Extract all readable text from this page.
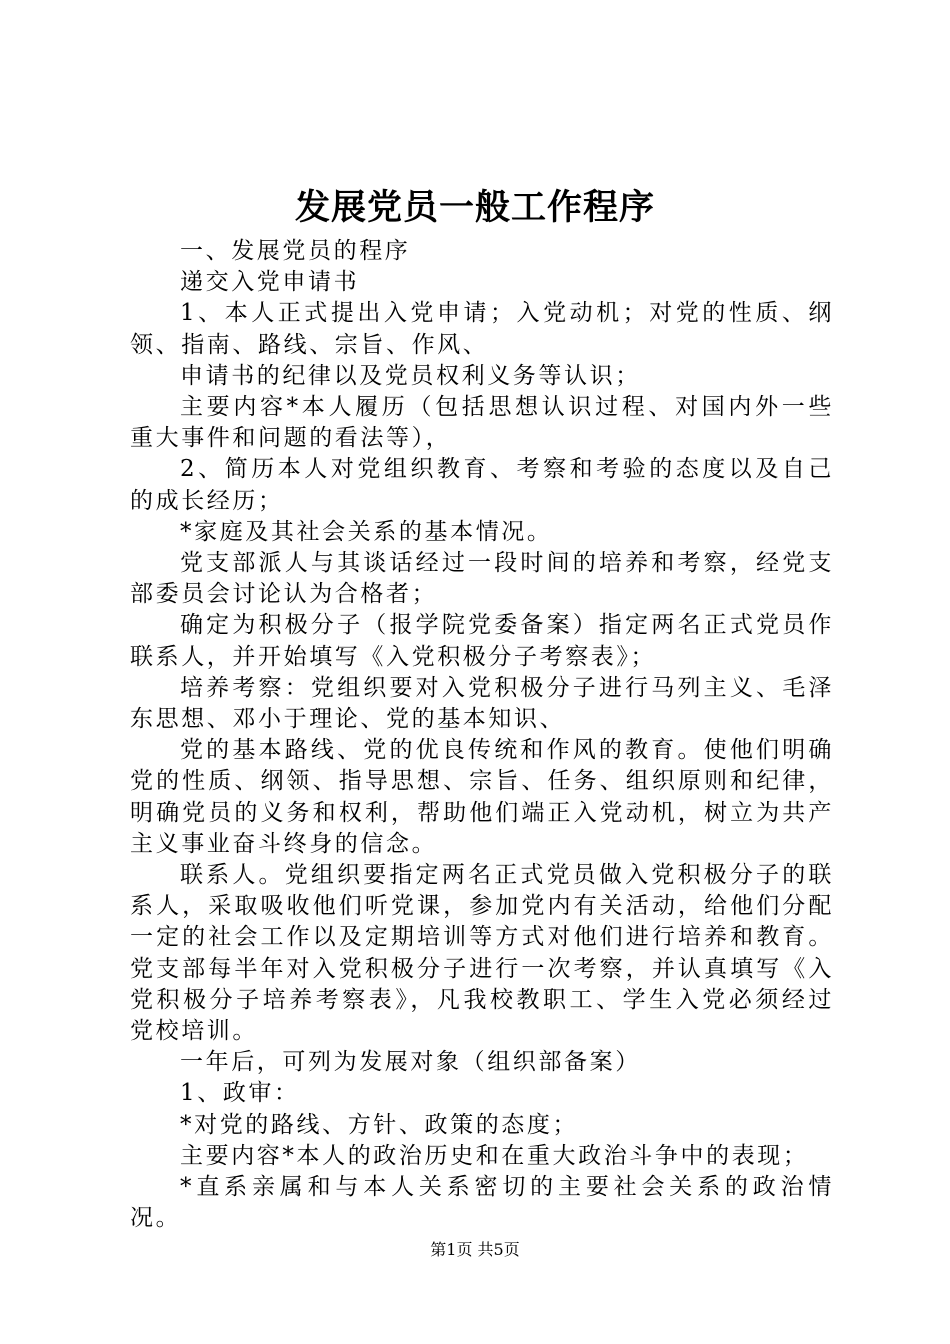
发展党员一般工作程序

一、发展党员的程序

递交入党申请书

1、本人正式提出入党申请；入党动机；对党的性质、纲领、指南、路线、宗旨、作风、

申请书的纪律以及党员权利义务等认识；

主要内容*本人履历（包括思想认识过程、对国内外一些重大事件和问题的看法等），

2、简历本人对党组织教育、考察和考验的态度以及自己的成长经历；

*家庭及其社会关系的基本情况。

党支部派人与其谈话经过一段时间的培养和考察，经党支部委员会讨论认为合格者；

确定为积极分子（报学院党委备案）指定两名正式党员作联系人，并开始填写《入党积极分子考察表》；

培养考察：党组织要对入党积极分子进行马列主义、毛泽东思想、邓小于理论、党的基本知识、

党的基本路线、党的优良传统和作风的教育。使他们明确党的性质、纲领、指导思想、宗旨、任务、组织原则和纪律，明确党员的义务和权利，帮助他们端正入党动机，树立为共产主义事业奋斗终身的信念。

联系人。党组织要指定两名正式党员做入党积极分子的联系人，采取吸收他们听党课，参加党内有关活动，给他们分配一定的社会工作以及定期培训等方式对他们进行培养和教育。党支部每半年对入党积极分子进行一次考察，并认真填写《入党积极分子培养考察表》，凡我校教职工、学生入党必须经过党校培训。

一年后，可列为发展对象（组织部备案）

1、政审：

*对党的路线、方针、政策的态度；

主要内容*本人的政治历史和在重大政治斗争中的表现；

*直系亲属和与本人关系密切的主要社会关系的政治情况。

第1页 共5页
